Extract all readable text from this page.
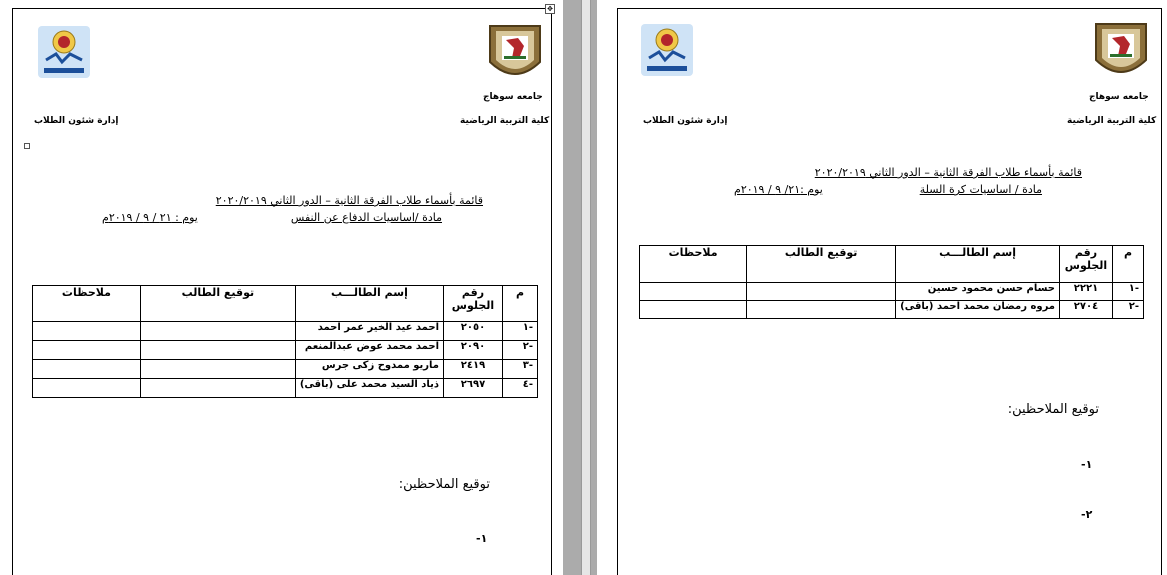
✥
جامعه سوهاج
كلية التربية الرياضية
إدارة شئون الطلاب
قائمة بأسماء طلاب الفرقة الثانية – الدور الثاني ٢٠٢٠/٢٠١٩
مادة /اساسيات الدفاع عن النفس
يوم : ٢١ / ٩ / ٢٠١٩م
م	رقم الجلوس	إسم الطالـــب	توقيع الطالب	ملاحظات
-١	٢٠٥٠	احمد عيد الخير عمر احمد		
-٢	٢٠٩٠	احمد محمد عوض عبدالمنعم		
-٣	٢٤١٩	ماريو ممدوح زكى جرس		
-٤	٢٦٩٧	ذياد السيد محمد على (باقى)		
توقيع الملاحظين:
-١
جامعه سوهاج
كلية التربية الرياضية
إدارة شئون الطلاب
قائمة بأسماء طلاب الفرقة الثانية – الدور الثاني ٢٠٢٠/٢٠١٩
مادة / اساسيات كرة السلة
يوم :٢١/ ٩ / ٢٠١٩م
م	رقم الجلوس	إسم الطالـــب	توقيع الطالب	ملاحظات
-١	٢٢٢١	حسام حسن محمود حسين		
-٢	٢٧٠٤	مروه رمضان محمد احمد (باقى)		
توقيع الملاحظين:
-١
-٢
